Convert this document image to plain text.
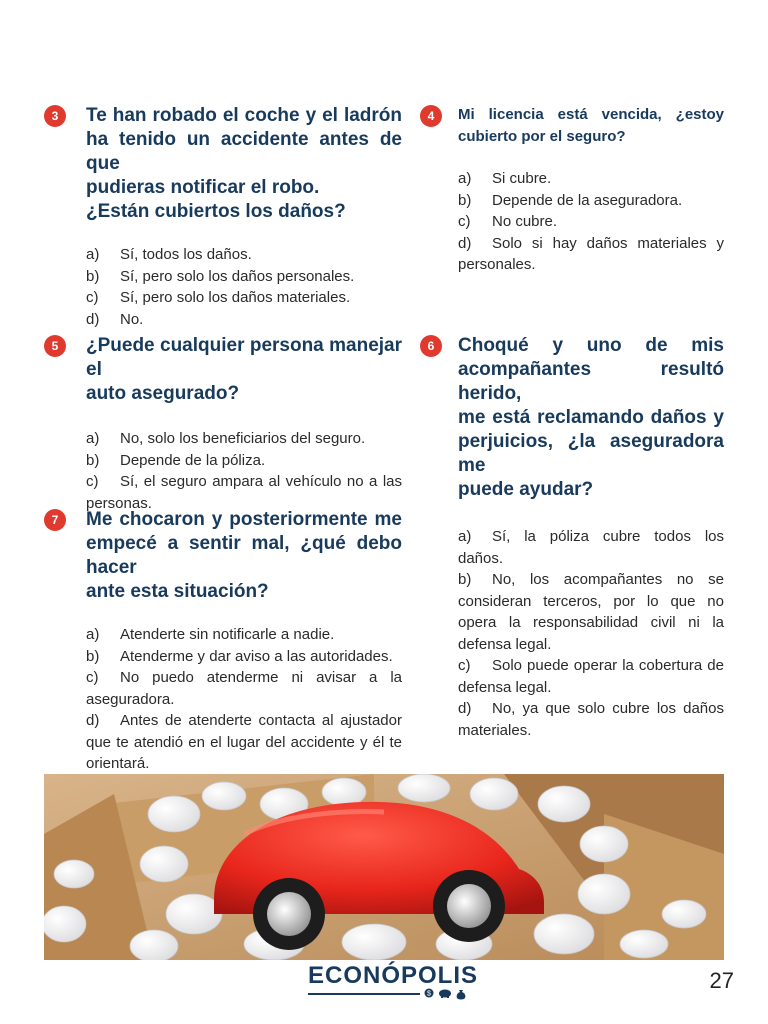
3	Te han robado el coche y el ladrón
ha tenido un accidente antes de que
pudieras notificar el robo.
¿Están cubiertos los daños?
a) Sí, todos los daños.
b) Sí, pero solo los daños personales.
c) Sí, pero solo los daños materiales.
d) No.
4	Mi licencia está vencida, ¿estoy
cubierto por el seguro?
a) Si cubre.
b) Depende de la aseguradora.
c) No cubre.
d) Solo si hay daños materiales y personales.
5	¿Puede cualquier persona manejar el
auto asegurado?
a) No, solo los beneficiarios del seguro.
b) Depende de la póliza.
c) Sí, el seguro ampara al vehículo no a las personas.
6	Choqué y uno de mis
acompañantes resultó herido,
me está reclamando daños y
perjuicios, ¿la aseguradora me
puede ayudar?
a) Sí, la póliza cubre todos los daños.
b) No, los acompañantes no se consideran terceros, por lo que no opera la responsabilidad civil ni la defensa legal.
c) Solo puede operar la cobertura de defensa legal.
d) No, ya que solo cubre los daños materiales.
7	Me chocaron y posteriormente me
empecé a sentir mal, ¿qué debo hacer
ante esta situación?
a) Atenderte sin notificarle a nadie.
b) Atenderme y dar aviso a las autoridades.
c) No puedo atenderme ni avisar a la aseguradora.
d) Antes de atenderte contacta al ajustador que te atendió en el lugar del accidente y él te orientará.
ECONÓPOLIS
$
27
